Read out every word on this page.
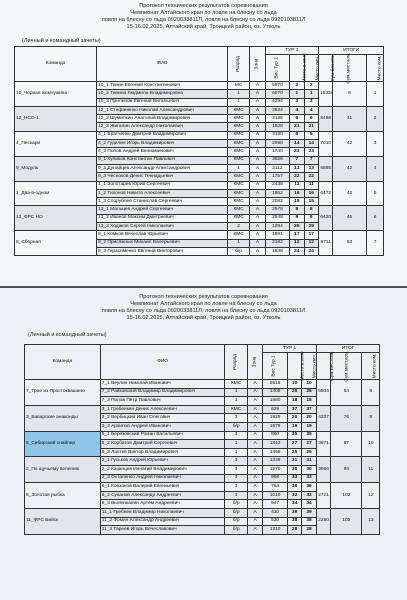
Протокол технических результатов соревнования
Чемпионат Алтайского края по ловле на блесну со льда
ловля на блесну со льда 0920033811Л, ловля на блесну со льда 0920103811Л
15-16.02.2025, Алтайский край, Троицкий район, оз. Утколь
(Личный и командный зачеты)
Команда	ФИО	Разряд	Зона	ТУР 1			ИТОГИ		
				Вес Тур 1	Место в зоне	Место лич.	Сум.баз.кгм.	Сум.мест.ком.	Место ком.
10_Черная жемчужина	10_1 Тинин Евгений Константинович	МС	A	5970	2	2	16334	6	1
	10_2 Тинина Людмила Владимировна	1	A	6070	1	1			
	10_3 Прилепов Евгений Витальевич	1	A	4294	3	3			
12_НСО-1	12_1 Стефаненко Николай Александрович	КМС	A	3534	4	4	8498	31	2
	12_2 Шумилкин Анатолий Владимирович	КМС	A	3136	6	6			
	12_3 Жигалин Александр Николаевич	КМС	A	1828	21	21			
4_Пескари	4_1 Братченко Дмитрий Владимирович	КМС	A	3180	5	5	7010	42	3
	4_2 Гудилин Игорь Владимирович	КМС	A	2090	14	14			
	4_3 Попов Андрей Вениаминович	КМС	A	1740	23	23			
9_Модуль	9_1 Куликов Константин Павлович	КМС	A	3026	7	7	6895	42	4
	9_2 Дунайцев Александр Александрович	1	A	2112	13	13			
	9_3 Чесноков Денис Геннадьевич	КМС	A	1757	22	22			
1_Два-в-одном	1_1 Золотарев Юрий Сергеевич	КМС	A	2438	11	11	6472	42	5
	1_2 Тихонов Никита Алексеевич	КМС	A	1952	16	16			
	1_3 Спорублев Станислав Сергеевич	КМС	A	2082	15	15			
13_ФРС НО	13_1 Мальцев Андрей Сергеевич	КМС	A	2578	8	8	6420	46	6
	13_2 Иванов Максим Дмитриевич	КМС	A	2548	9	9			
	13_3 Ходаков Сергей Николаевич	2	A	1294	29	29			
8_Сборная	8_1 Комков Вячеслав Юрьевич	КМС	A	1891	17	17	5711	53	7
	8_2 Присяжных Михаил Валерьевич	1	A	2182	12	12			
	8_3 Герасименко Евгений Викторович	б/р	A	1638	24	24			
Протокол технических результатов соревнования
Чемпионат Алтайского края по ловле на блесну со льда
ловля на блесну со льда 0920033811Л, ловля на блесну со льда 0920103811Л
15-16.02.2025, Алтайский край, Троицкий район, оз. Утколь
(Личный и командный зачеты)
Команда	ФИО	Разряд	Зона	ТУР 1			ИТОГ		
				Вес Тур 1	Место в зоне	Место лич.	Сум.Вес.ком.	Сум.мест.ком.	Место ком.
7_Трое из Простоквашино	7_1 Веулин Николай Иванович	КМС	A	2518	10	10	5804	54	8
	7_2 Райковский Владимир Владимирович	1	A	1408	26	26			
	7_3 Попов Пётр Павлович	1	A	1880	18	18			
3_Баварские анаконды	3_1 Гребенкин Денис Алексеевич	КМС	A	629	37	37	4337	76	9
	3_2 Вербицкий Иван Олегович	3	A	1829	20	20			
	3_3 Архипов Андрей Иванович	б/р	A	1879	19	19			
5_Сибирский снайпер	5_1 Березовский Роман Васильевич	3	A	860	35	35	3671	87	10
	5_2 Корбатов Дмитрий Сергеевич	1	A	1343	27	27			
	5_3 Лаптев Виктор Владимирович	1	A	1468	25	25			
2_По щучьему велению	2_1 Гуськов Андрей Юрьевич	3	A	1338	31	31	3966	94	11
	2_2 Казанцев Иннатий Владимирович	3	A	1270	30	30			
	2_3 Остапенко Андрей Николаевич	3	A	958	33	33			
6_Золотая рыбка	6_1 Ковзанов Валерий Евгеньевич	3	A	764	36	36	2721	102	12
	6_2 Суханов Александр Андреевич	3	A	1010	32	32			
	6_3 Вылегжанин Артём Андреевич	б/р	A	947	34	34			
11_ФРС Бийск	11_1 Гребнев Владимир Николаевич	б/р	A	410	39	39	2250	105	13
	11_2 Фомин Александр Андреевич	б/р	A	530	38	38			
	11_3 Тареев Игорь Вячеславович	б/р	A	1310	28	28			
